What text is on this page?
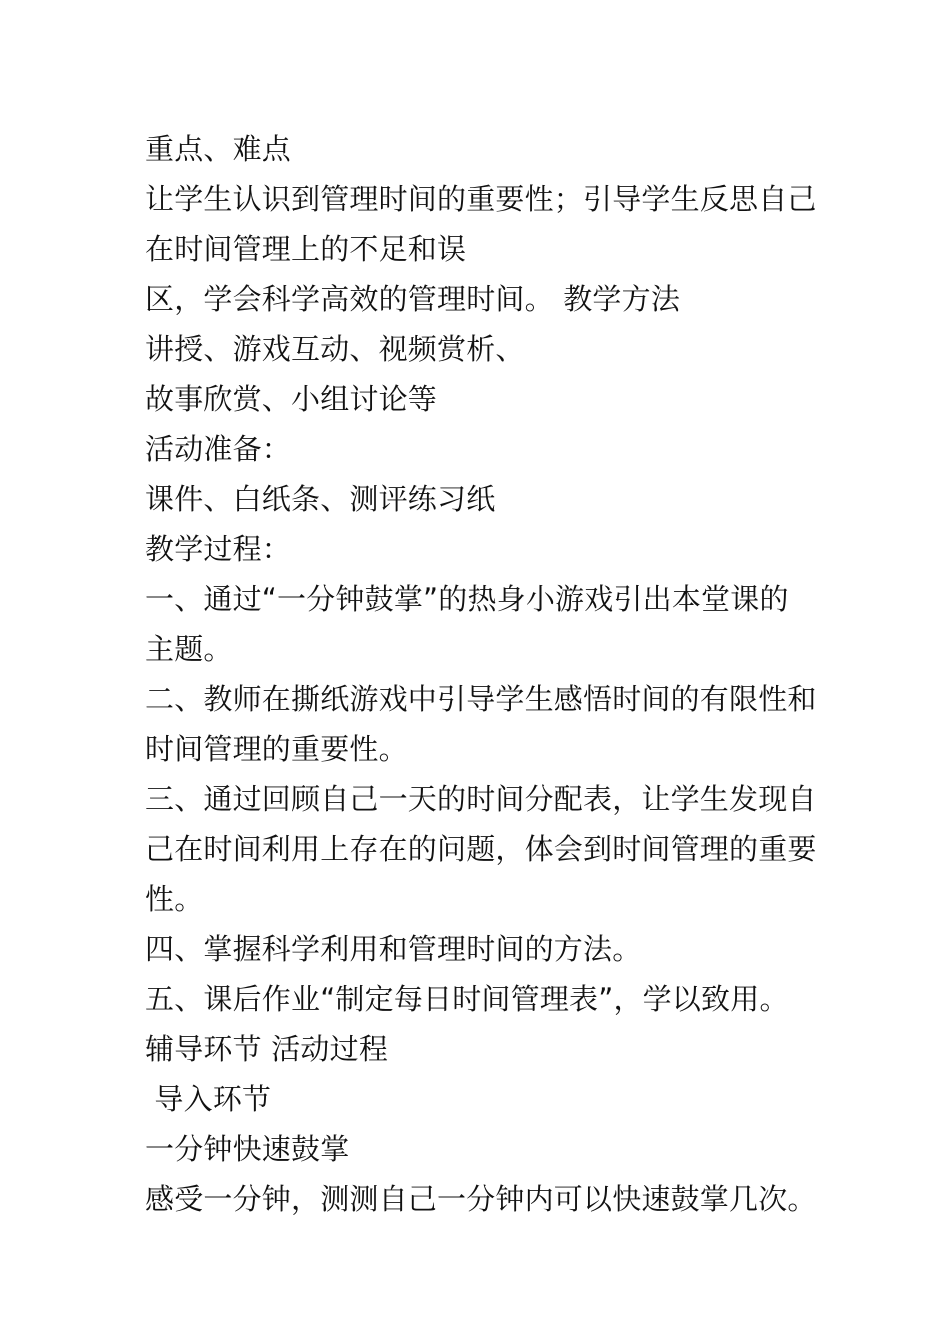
重点、难点
让学生认识到管理时间的重要性；引导学生反思自己
在时间管理上的不足和误
区，学会科学高效的管理时间。 教学方法
讲授、游戏互动、视频赏析、
故事欣赏、小组讨论等
活动准备：
课件、白纸条、测评练习纸
教学过程：
一、通过“一分钟鼓掌”的热身小游戏引出本堂课的
主题。
二、教师在撕纸游戏中引导学生感悟时间的有限性和
时间管理的重要性。
三、通过回顾自己一天的时间分配表，让学生发现自
己在时间利用上存在的问题，体会到时间管理的重要
性。
四、掌握科学利用和管理时间的方法。
五、课后作业“制定每日时间管理表”，学以致用。
辅导环节 活动过程
导入环节
一分钟快速鼓掌
感受一分钟，测测自己一分钟内可以快速鼓掌几次。
